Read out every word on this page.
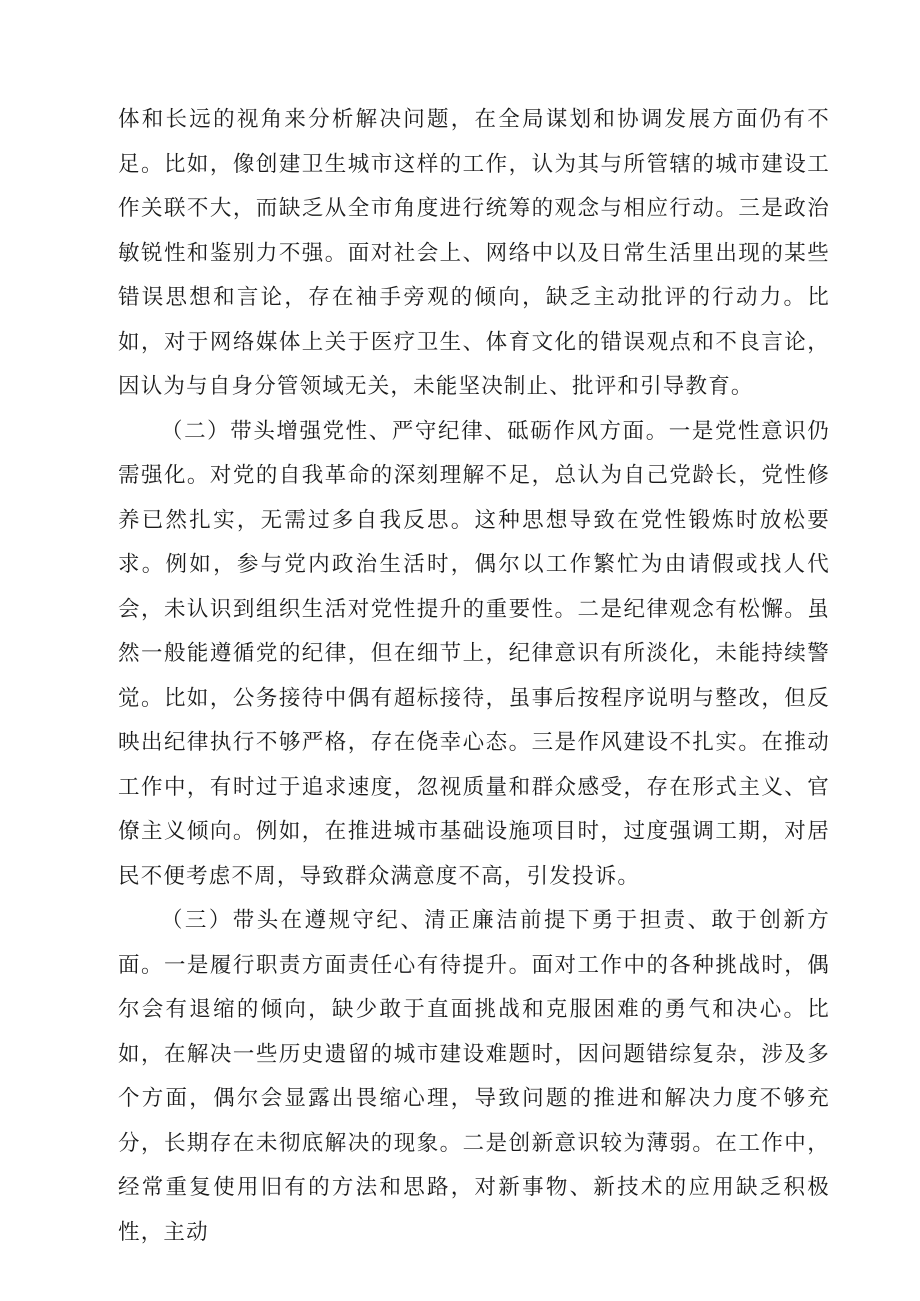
体和长远的视角来分析解决问题，在全局谋划和协调发展方面仍有不足。比如，像创建卫生城市这样的工作，认为其与所管辖的城市建设工作关联不大，而缺乏从全市角度进行统筹的观念与相应行动。三是政治敏锐性和鉴别力不强。面对社会上、网络中以及日常生活里出现的某些错误思想和言论，存在袖手旁观的倾向，缺乏主动批评的行动力。比如，对于网络媒体上关于医疗卫生、体育文化的错误观点和不良言论，因认为与自身分管领域无关，未能坚决制止、批评和引导教育。

（二）带头增强党性、严守纪律、砥砺作风方面。一是党性意识仍需强化。对党的自我革命的深刻理解不足，总认为自己党龄长，党性修养已然扎实，无需过多自我反思。这种思想导致在党性锻炼时放松要求。例如，参与党内政治生活时，偶尔以工作繁忙为由请假或找人代会，未认识到组织生活对党性提升的重要性。二是纪律观念有松懈。虽然一般能遵循党的纪律，但在细节上，纪律意识有所淡化，未能持续警觉。比如，公务接待中偶有超标接待，虽事后按程序说明与整改，但反映出纪律执行不够严格，存在侥幸心态。三是作风建设不扎实。在推动工作中，有时过于追求速度，忽视质量和群众感受，存在形式主义、官僚主义倾向。例如，在推进城市基础设施项目时，过度强调工期，对居民不便考虑不周，导致群众满意度不高，引发投诉。

（三）带头在遵规守纪、清正廉洁前提下勇于担责、敢于创新方面。一是履行职责方面责任心有待提升。面对工作中的各种挑战时，偶尔会有退缩的倾向，缺少敢于直面挑战和克服困难的勇气和决心。比如，在解决一些历史遗留的城市建设难题时，因问题错综复杂，涉及多个方面，偶尔会显露出畏缩心理，导致问题的推进和解决力度不够充分，长期存在未彻底解决的现象。二是创新意识较为薄弱。在工作中，经常重复使用旧有的方法和思路，对新事物、新技术的应用缺乏积极性，主动
